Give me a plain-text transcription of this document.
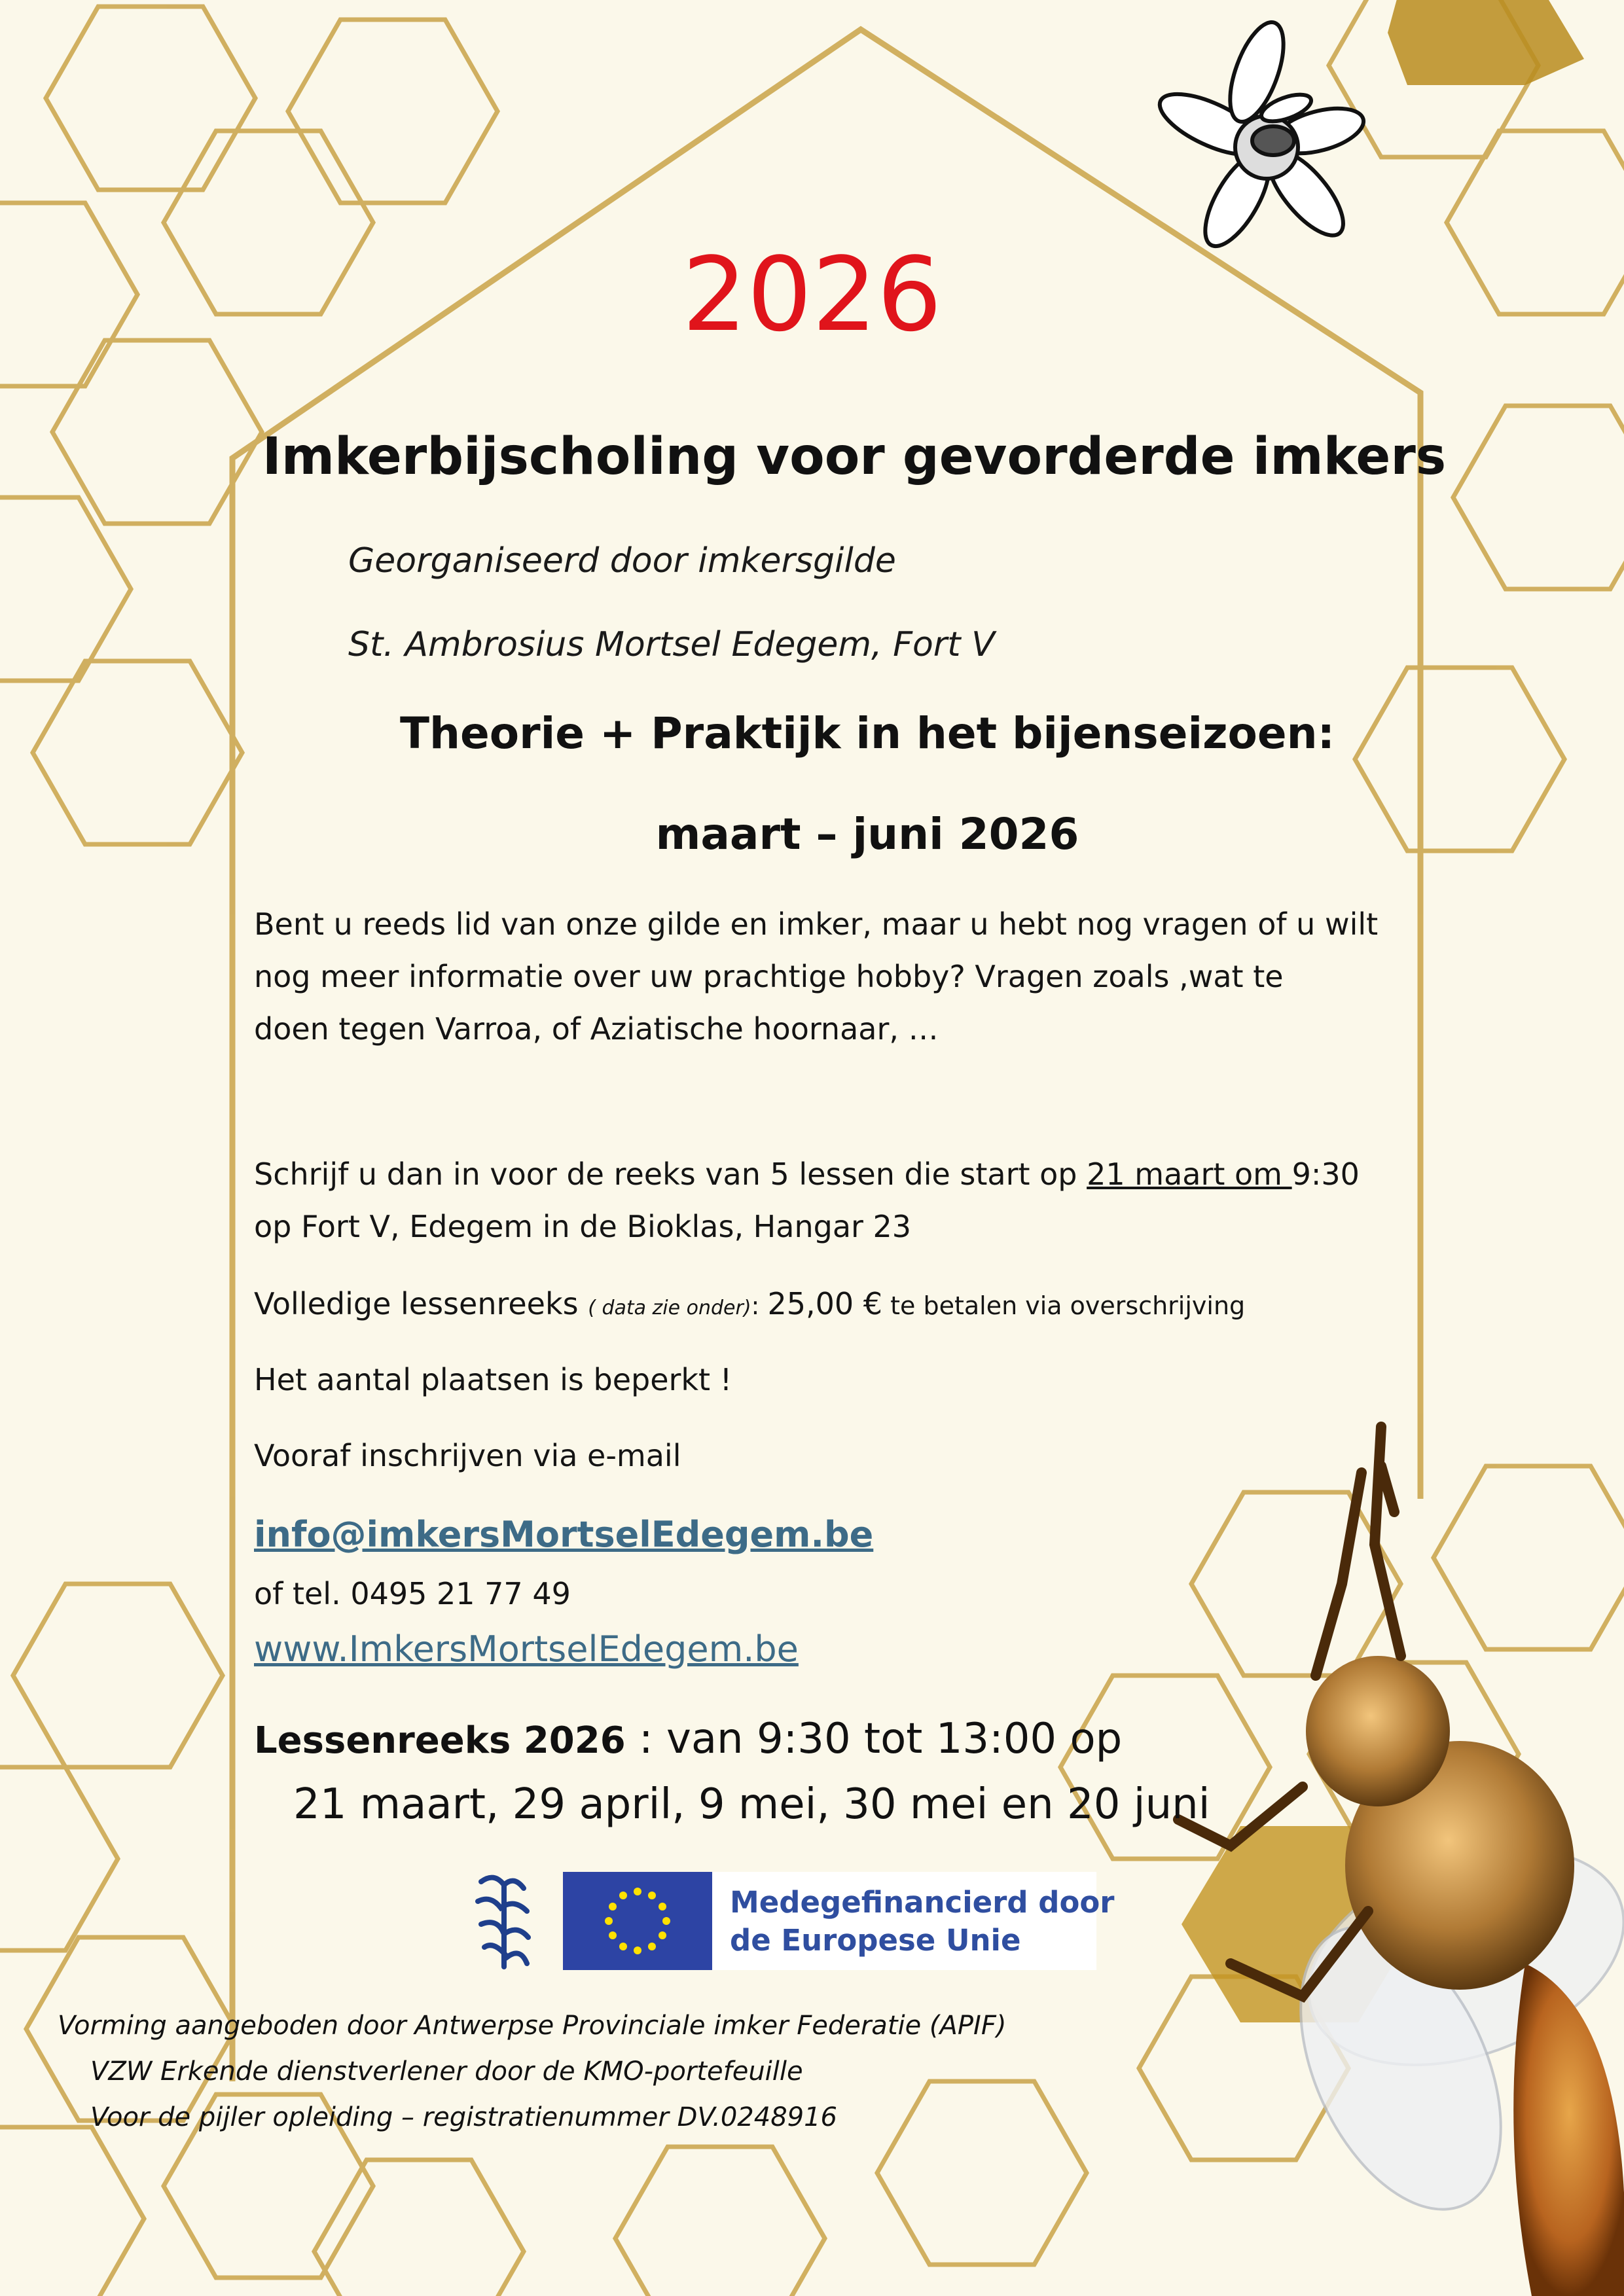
2026
Imkerbijscholing voor gevorderde imkers
Georganiseerd door imkersgilde
St. Ambrosius Mortsel Edegem, Fort V
Theorie + Praktijk in het bijenseizoen:
maart – juni 2026
Bent u reeds lid van onze gilde en imker, maar u hebt nog vragen of u wilt
nog meer informatie over uw prachtige hobby? Vragen zoals ,wat te
doen tegen Varroa, of Aziatische hoornaar, …
Schrijf u dan in voor de reeks van 5 lessen die start op 21 maart om 9:30
op Fort V, Edegem in de Bioklas, Hangar 23
Volledige lessenreeks ( data zie onder): 25,00 € te betalen via overschrijving
Het aantal plaatsen is beperkt !
Vooraf inschrijven via e-mail
info@imkersMortselEdegem.be
of tel. 0495 21 77 49
www.ImkersMortselEdegem.be
Lessenreeks 2026 : van 9:30 tot 13:00 op
21 maart, 29 april, 9 mei, 30 mei en 20 juni
Medegefinancierd door
de Europese Unie
Vorming aangeboden door Antwerpse Provinciale imker Federatie (APIF)
VZW Erkende dienstverlener door de KMO-portefeuille
Voor de pijler opleiding – registratienummer DV.0248916
